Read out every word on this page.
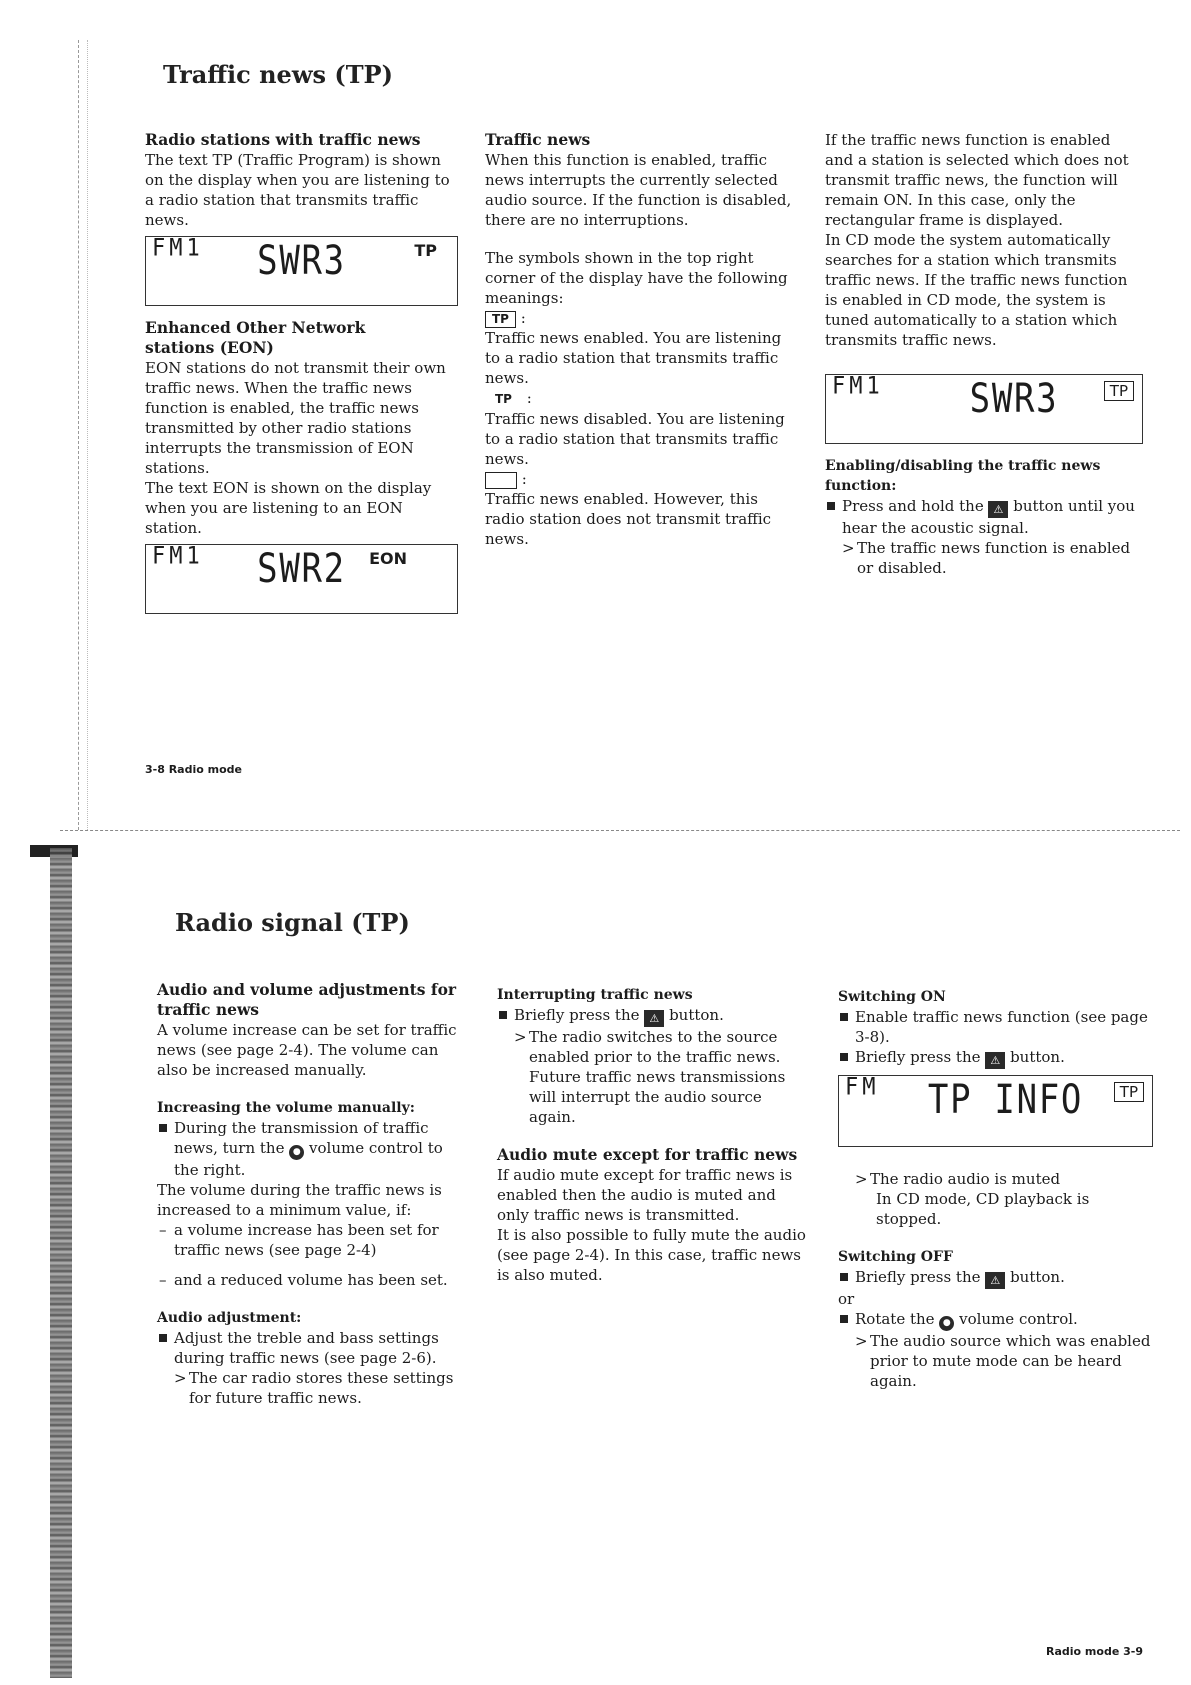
Traffic news (TP)
Radio stations with traffic news

The text TP (Traffic Program) is shown on the display when you are listening to a radio station that transmits traffic news.

FM1	SWR3	TP
Enhanced Other Network
stations (EON)

EON stations do not transmit their own traffic news. When the traffic news function is enabled, the traffic news transmitted by other radio stations interrupts the transmission of EON stations.

The text EON is shown on the display when you are listening to an EON station.

FM1	SWR2	EON
Traffic news

When this function is enabled, traffic news interrupts the currently selected audio source. If the function is disabled, there are no interruptions.

The symbols shown in the top right corner of the display have the following meanings:

TP :

Traffic news enabled. You are listening to a radio station that transmits traffic news.

TP :

Traffic news disabled. You are listening to a radio station that transmits traffic news.

:

Traffic news enabled. However, this radio station does not transmit traffic news.

If the traffic news function is enabled and a station is selected which does not transmit traffic news, the function will remain ON. In this case, only the rectangular frame is displayed.

In CD mode the system automatically searches for a station which transmits traffic news. If the traffic news function is enabled in CD mode, the system is tuned automatically to a station which transmits traffic news.

FM1	SWR3	TP
Enabling/disabling the traffic news function:
Press and hold the ⚠ button until you hear the acoustic signal.
> The traffic news function is enabled or disabled.
3-8 Radio mode
Radio signal (TP)
Audio and volume adjustments for traffic news

A volume increase can be set for traffic news (see page 2-4). The volume can also be increased manually.

Increasing the volume manually:
During the transmission of traffic news, turn the ● volume control to the right.

The volume during the traffic news is increased to a minimum value, if:

– a volume increase has been set for traffic news (see page 2-4)
– and a reduced volume has been set.
Audio adjustment:
Adjust the treble and bass settings during traffic news (see page 2-6).
> The car radio stores these settings for future traffic news.
Interrupting traffic news
Briefly press the ⚠ button.
> The radio switches to the source enabled prior to the traffic news. Future traffic news transmissions will interrupt the audio source again.
Audio mute except for traffic news

If audio mute except for traffic news is enabled then the audio is muted and only traffic news is transmitted.

It is also possible to fully mute the audio (see page 2-4). In this case, traffic news is also muted.

Switching ON
Enable traffic news function (see page 3-8).
Briefly press the ⚠ button.
FM	TP INFO	TP
> The radio audio is muted
In CD mode, CD playback is stopped.
Switching OFF
Briefly press the ⚠ button.
or
Rotate the ● volume control.
> The audio source which was enabled prior to mute mode can be heard again.
Radio mode 3-9
